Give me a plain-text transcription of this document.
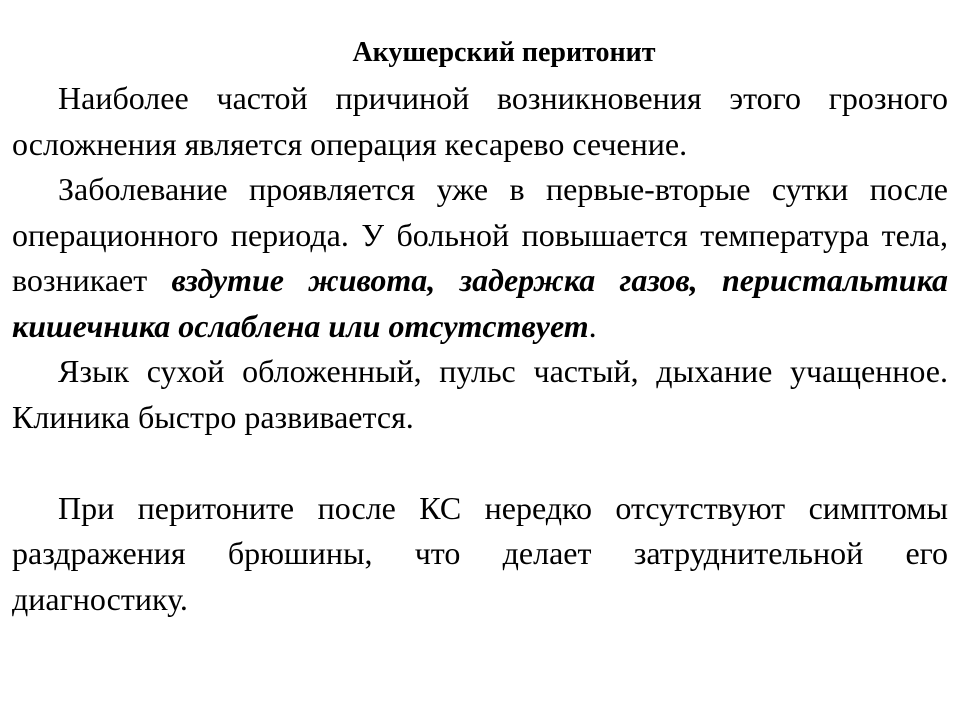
Акушерский перитонит

Наиболее частой причиной возникновения этого грозного осложнения является операция кесарево сечение.

Заболевание проявляется уже в первые-вторые сутки после операционного периода. У больной повышается температура тела, возникает вздутие живота, задержка газов, перистальтика кишечника ослаблена или отсутствует.

Язык сухой обложенный, пульс частый, дыхание учащенное. Клиника быстро развивается.

При перитоните после КС нередко отсутствуют симптомы раздражения брюшины, что делает затруднительной его диагностику.
